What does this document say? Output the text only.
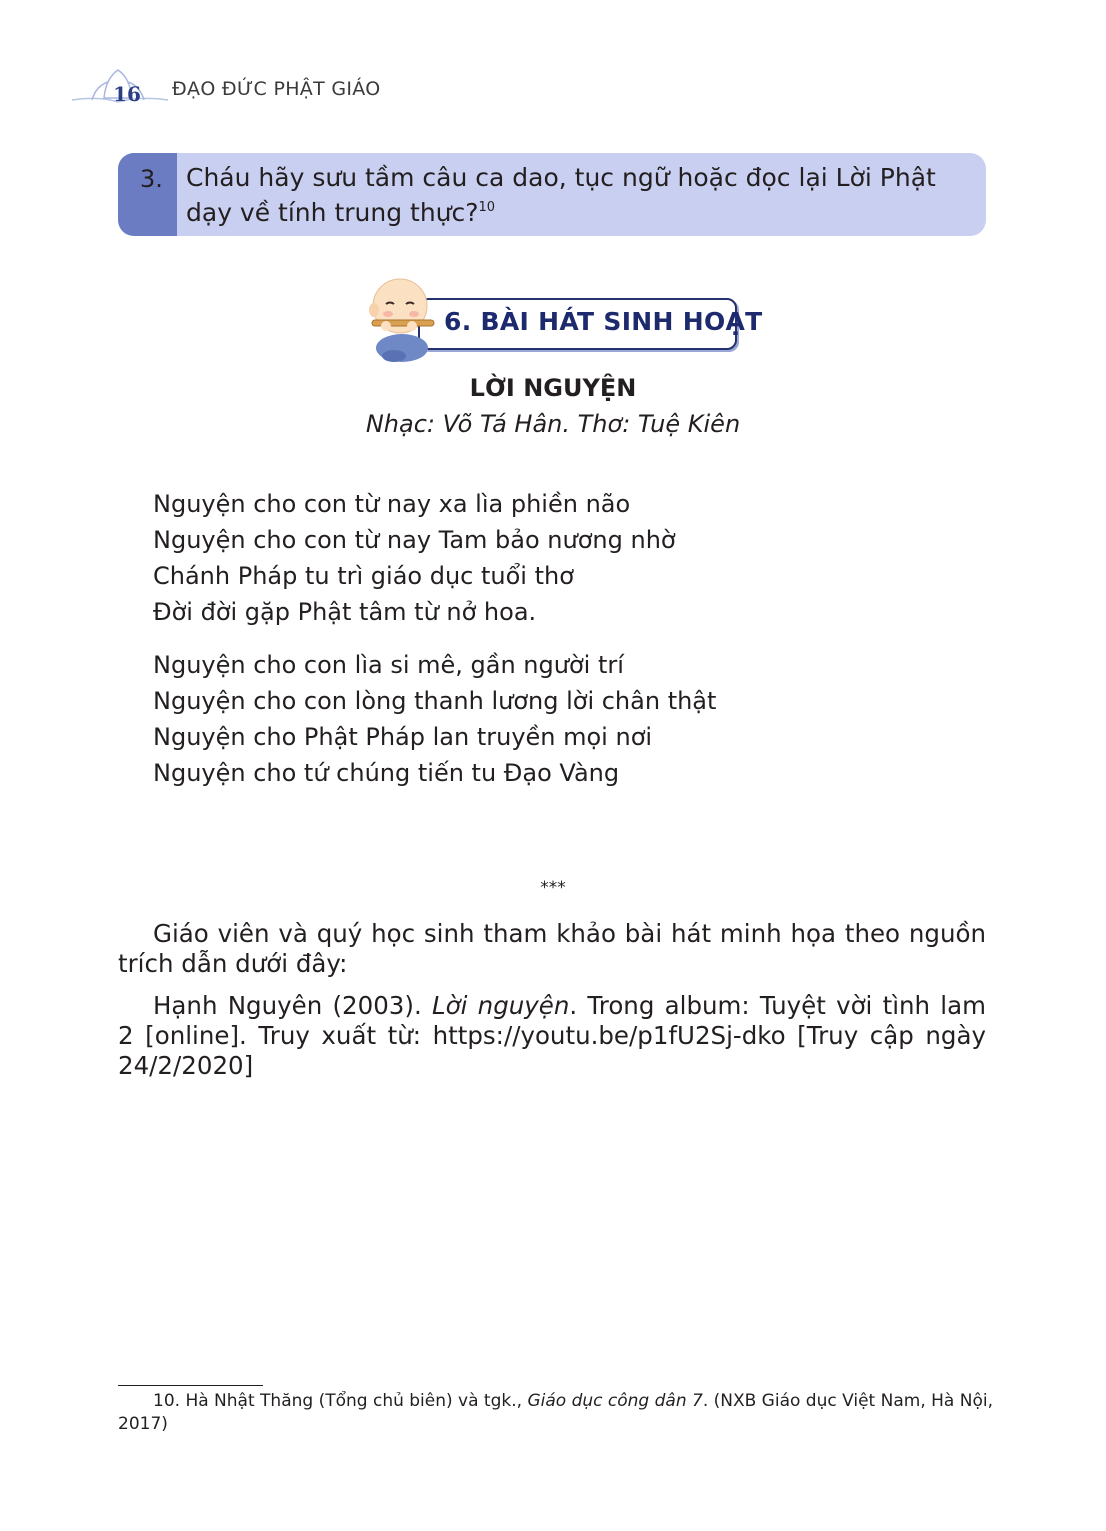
16 ĐẠO ĐỨC PHẬT GIÁO
3. Cháu hãy sưu tầm câu ca dao, tục ngữ hoặc đọc lại Lời Phật dạy về tính trung thực?$^{10}$
6. BÀI HÁT SINH HOẠT
LỜI NGUYỆN
Nhạc: Võ Tá Hân. Thơ: Tuệ Kiên
Nguyện cho con từ nay xa lìa phiền não
Nguyện cho con từ nay Tam bảo nương nhờ
Chánh Pháp tu trì giáo dục tuổi thơ
Đời đời gặp Phật tâm từ nở hoa.
Nguyện cho con lìa si mê, gần người trí
Nguyện cho con lòng thanh lương lời chân thật
Nguyện cho Phật Pháp lan truyền mọi nơi
Nguyện cho tứ chúng tiến tu Đạo Vàng
***
Giáo viên và quý học sinh tham khảo bài hát minh họa theo nguồn
trích dẫn dưới đây:
Hạnh Nguyên (2003). Lời nguyện. Trong album: Tuyệt vời tình lam
2 [online]. Truy xuất từ: https://youtu.be/p1fU2Sj-dko [Truy cập ngày
24/2/2020]
10. Hà Nhật Thăng (Tổng chủ biên) và tgk., Giáo dục công dân 7. (NXB Giáo dục Việt Nam, Hà Nội,
2017)
